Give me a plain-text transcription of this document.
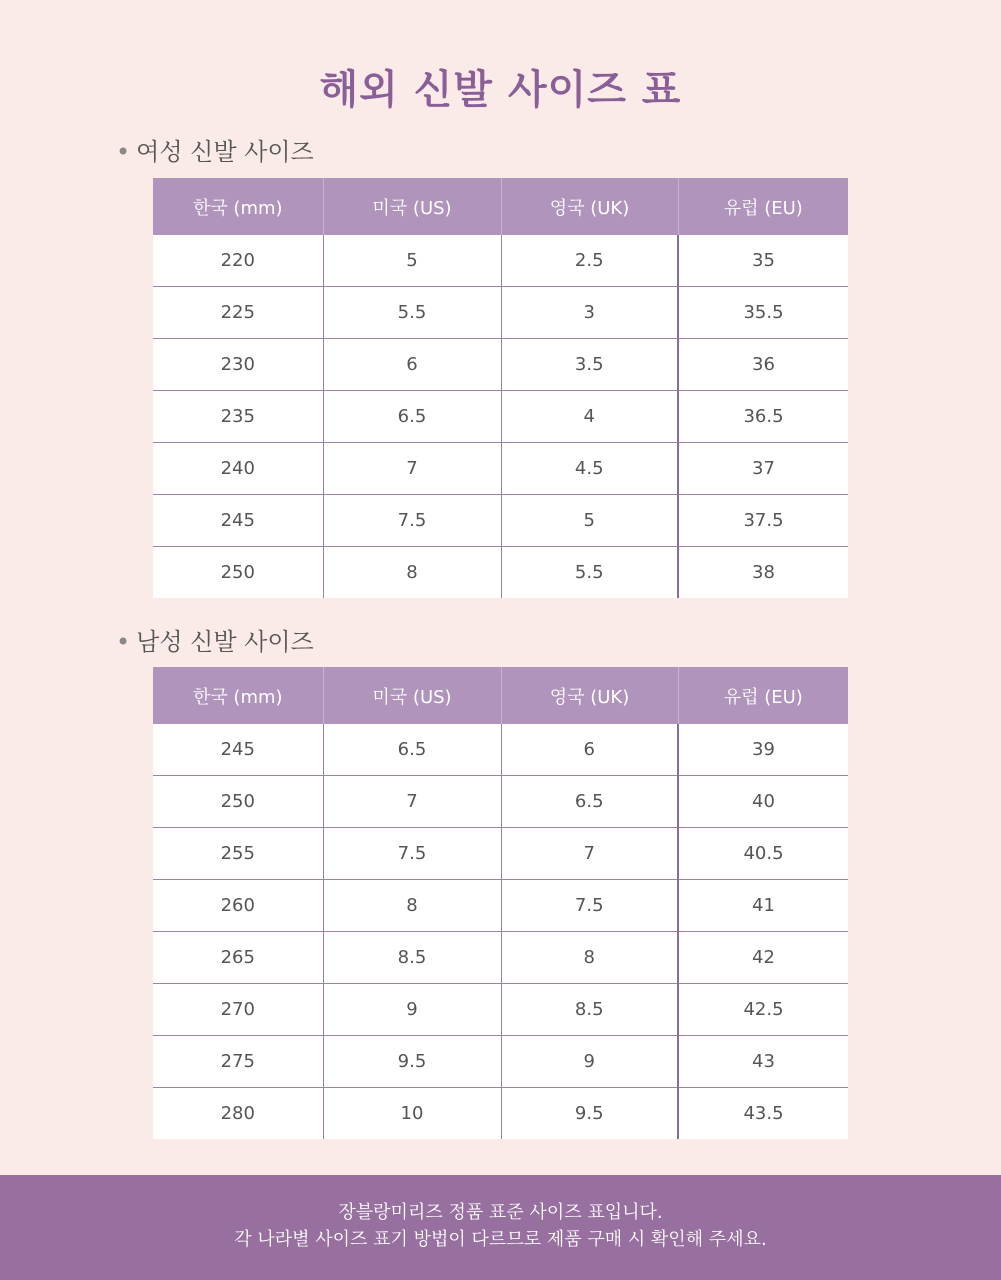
해외 신발 사이즈 표
• 여성 신발 사이즈
한국 (mm)	미국 (US)	영국 (UK)	유럽 (EU)
220	5	2.5	35
225	5.5	3	35.5
230	6	3.5	36
235	6.5	4	36.5
240	7	4.5	37
245	7.5	5	37.5
250	8	5.5	38
• 남성 신발 사이즈
한국 (mm)	미국 (US)	영국 (UK)	유럽 (EU)
245	6.5	6	39
250	7	6.5	40
255	7.5	7	40.5
260	8	7.5	41
265	8.5	8	42
270	9	8.5	42.5
275	9.5	9	43
280	10	9.5	43.5
장블랑미리즈 정품 표준 사이즈 표입니다.
각 나라별 사이즈 표기 방법이 다르므로 제품 구매 시 확인해 주세요.
